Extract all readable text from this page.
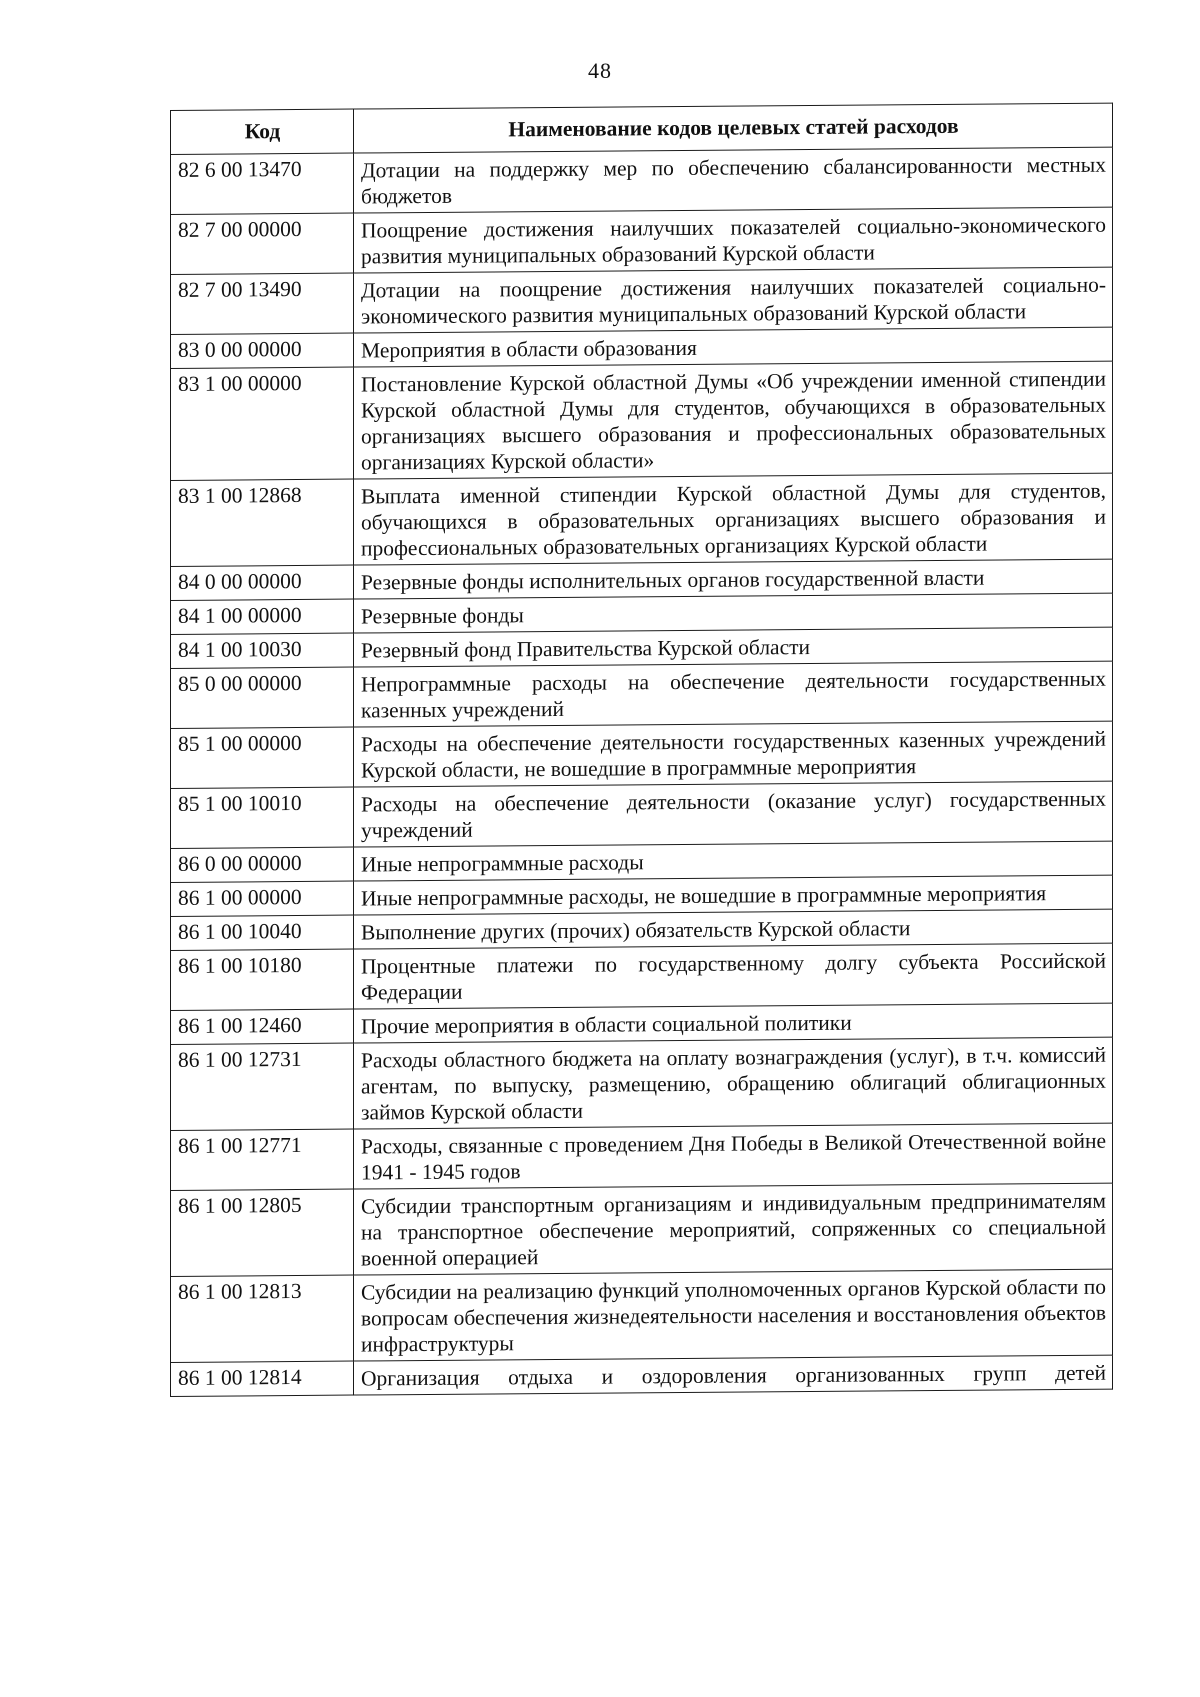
48
Код	Наименование кодов целевых статей расходов
82 6 00 13470	Дотации на поддержку мер по обеспечению сбалансированности местных бюджетов
82 7 00 00000	Поощрение достижения наилучших показателей социально-экономического развития муниципальных образований Курской области
82 7 00 13490	Дотации на поощрение достижения наилучших показателей социально-экономического развития муниципальных образований Курской области
83 0 00 00000	Мероприятия в области образования
83 1 00 00000	Постановление Курской областной Думы «Об учреждении именной стипендии Курской областной Думы для студентов, обучающихся в образовательных организациях высшего образования и профессиональных образовательных организациях Курской области»
83 1 00 12868	Выплата именной стипендии Курской областной Думы для студентов, обучающихся в образовательных организациях высшего образования и профессиональных образовательных организациях Курской области
84 0 00 00000	Резервные фонды исполнительных органов государственной власти
84 1 00 00000	Резервные фонды
84 1 00 10030	Резервный фонд Правительства Курской области
85 0 00 00000	Непрограммные расходы на обеспечение деятельности государственных казенных учреждений
85 1 00 00000	Расходы на обеспечение деятельности государственных казенных учреждений Курской области, не вошедшие в программные мероприятия
85 1 00 10010	Расходы на обеспечение деятельности (оказание услуг) государственных учреждений
86 0 00 00000	Иные непрограммные расходы
86 1 00 00000	Иные непрограммные расходы, не вошедшие в программные мероприятия
86 1 00 10040	Выполнение других (прочих) обязательств Курской области
86 1 00 10180	Процентные платежи по государственному долгу субъекта Российской Федерации
86 1 00 12460	Прочие мероприятия в области социальной политики
86 1 00 12731	Расходы областного бюджета на оплату вознаграждения (услуг), в т.ч. комиссий агентам, по выпуску, размещению, обращению облигаций облигационных займов Курской области
86 1 00 12771	Расходы, связанные с проведением Дня Победы в Великой Отечественной войне 1941 - 1945 годов
86 1 00 12805	Субсидии транспортным организациям и индивидуальным предпринимателям на транспортное обеспечение мероприятий, сопряженных со специальной военной операцией
86 1 00 12813	Субсидии на реализацию функций уполномоченных органов Курской области по вопросам обеспечения жизнедеятельности населения и восстановления объектов инфраструктуры
86 1 00 12814	Организация отдыха и оздоровления организованных групп детей
